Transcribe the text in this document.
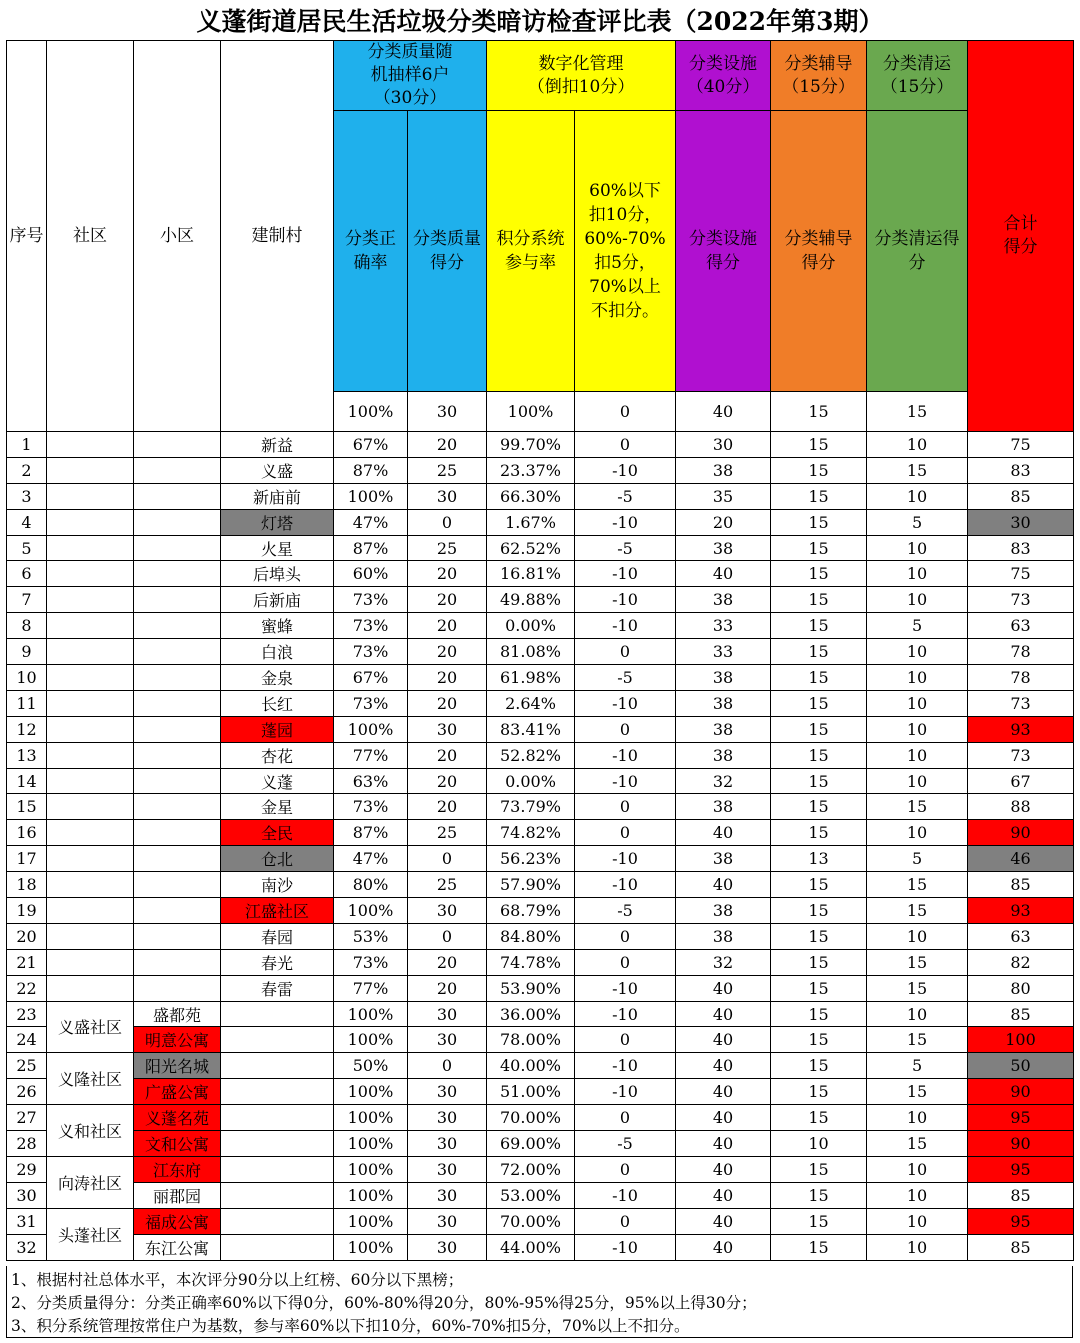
义蓬街道居民生活垃圾分类暗访检查评比表（2022年第3期）
序号	社区	小区	建制村	分类质量随机抽样6户（30分）		数字化管理（倒扣10分）		分类设施（40分）	分类辅导（15分）	分类清运（15分）	合计得分	
				分类正确率	分类质量得分	积分系统参与率	60%以下扣10分，60%-70%扣5分，70%以上不扣分。	分类设施得分	分类辅导得分	分类清运得分		
				100%	30	100%	0	40	15	15	
1			新益	67%	20	99.70%	0	30	15	10	75	
2			义盛	87%	25	23.37%	-10	38	15	15	83	
3			新庙前	100%	30	66.30%	-5	35	15	10	85	
4			灯塔	47%	0	1.67%	-10	20	15	5	30	
5			火星	87%	25	62.52%	-5	38	15	10	83	
6			后埠头	60%	20	16.81%	-10	40	15	10	75	
7			后新庙	73%	20	49.88%	-10	38	15	10	73	
8			蜜蜂	73%	20	0.00%	-10	33	15	5	63	
9			白浪	73%	20	81.08%	0	33	15	10	78	
10			金泉	67%	20	61.98%	-5	38	15	10	78	
11			长红	73%	20	2.64%	-10	38	15	10	73	
12			蓬园	100%	30	83.41%	0	38	15	10	93	
13			杏花	77%	20	52.82%	-10	38	15	10	73	
14			义蓬	63%	20	0.00%	-10	32	15	10	67	
15			金星	73%	20	73.79%	0	38	15	15	88	
16			全民	87%	25	74.82%	0	40	15	10	90	
17			仓北	47%	0	56.23%	-10	38	13	5	46	
18			南沙	80%	25	57.90%	-10	40	15	15	85	
19			江盛社区	100%	30	68.79%	-5	38	15	15	93	
20			春园	53%	0	84.80%	0	38	15	10	63	
21			春光	73%	20	74.78%	0	32	15	15	82	
22			春雷	77%	20	53.90%	-10	40	15	15	80	
23	义盛社区	盛都苑		100%	30	36.00%	-10	40	15	10	85	
24		明意公寓		100%	30	78.00%	0	40	15	15	100	
25	义隆社区	阳光名城		50%	0	40.00%	-10	40	15	5	50	
26		广盛公寓		100%	30	51.00%	-10	40	15	15	90	
27	义和社区	义蓬名苑		100%	30	70.00%	0	40	15	10	95	
28		文和公寓		100%	30	69.00%	-5	40	10	15	90	
29	向涛社区	江东府		100%	30	72.00%	0	40	15	10	95	
30		丽郡园		100%	30	53.00%	-10	40	15	10	85	
31	头蓬社区	福成公寓		100%	30	70.00%	0	40	15	10	95	
32		东江公寓		100%	30	44.00%	-10	40	15	10	85	
1、根据村社总体水平，本次评分90分以上红榜、60分以下黑榜；
2、分类质量得分：分类正确率60%以下得0分，60%-80%得20分，80%-95%得25分，95%以上得30分；
3、积分系统管理按常住户为基数，参与率60%以下扣10分，60%-70%扣5分，70%以上不扣分。
